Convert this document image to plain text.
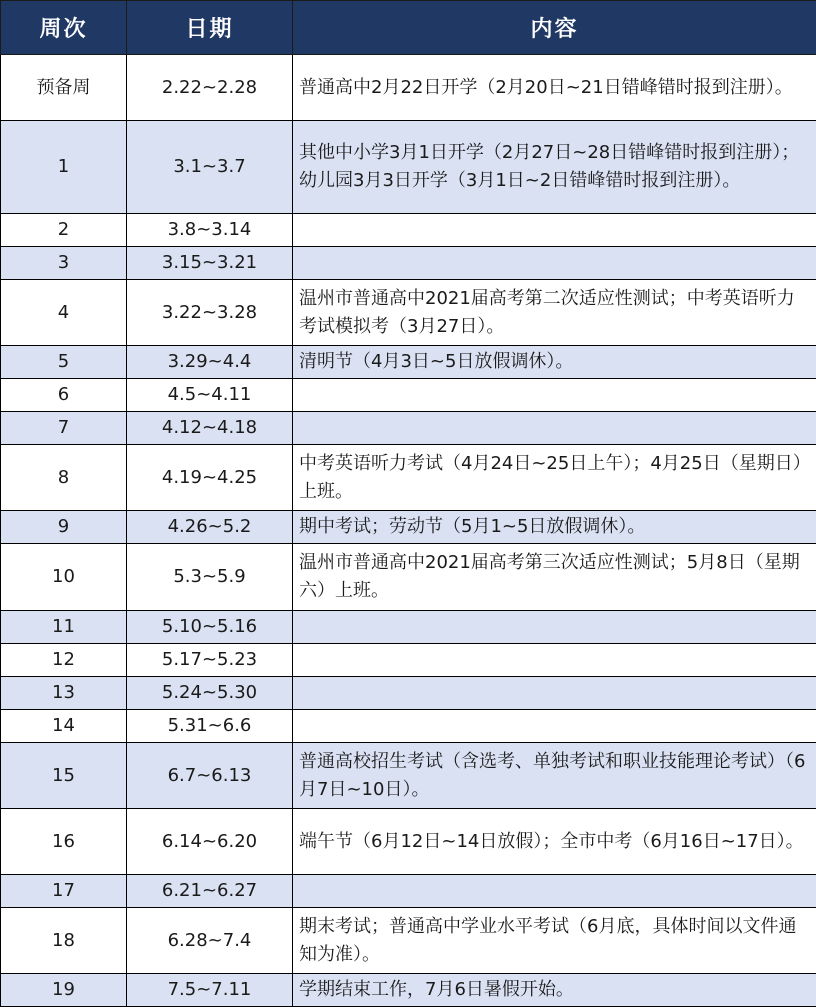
周次	日期	内容
预备周	2.22~2.28	普通高中2月22日开学（2月20日~21日错峰错时报到注册）。
1	3.1~3.7	其他中小学3月1日开学（2月27日~28日错峰错时报到注册）；幼儿园3月3日开学（3月1日~2日错峰错时报到注册）。
2	3.8~3.14	
3	3.15~3.21	
4	3.22~3.28	温州市普通高中2021届高考第二次适应性测试；中考英语听力考试模拟考（3月27日）。
5	3.29~4.4	清明节（4月3日~5日放假调休）。
6	4.5~4.11	
7	4.12~4.18	
8	4.19~4.25	中考英语听力考试（4月24日~25日上午）；4月25日（星期日）上班。
9	4.26~5.2	期中考试；劳动节（5月1~5日放假调休）。
10	5.3~5.9	温州市普通高中2021届高考第三次适应性测试；5月8日（星期六）上班。
11	5.10~5.16	
12	5.17~5.23	
13	5.24~5.30	
14	5.31~6.6	
15	6.7~6.13	普通高校招生考试（含选考、单独考试和职业技能理论考试）（6月7日~10日）。
16	6.14~6.20	端午节（6月12日~14日放假）；全市中考（6月16日~17日）。
17	6.21~6.27	
18	6.28~7.4	期末考试；普通高中学业水平考试（6月底，具体时间以文件通知为准）。
19	7.5~7.11	学期结束工作，7月6日暑假开始。
